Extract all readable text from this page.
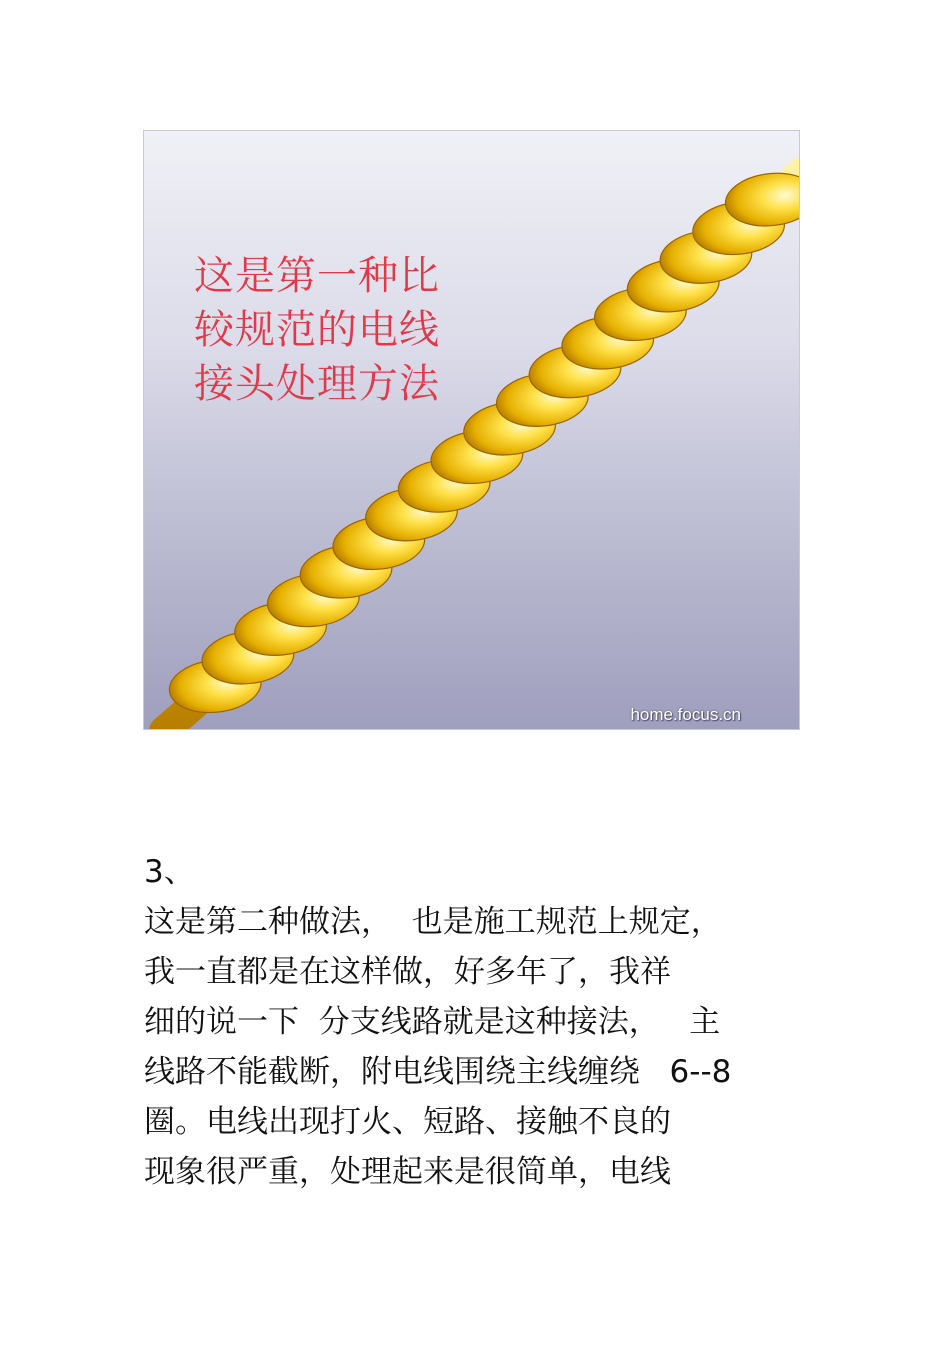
这是第一种比
较规范的电线
接头处理方法
home.focus.cn
3、
这是第二种做法，  也是施工规范上规定，
我一直都是在这样做，好多年了，我祥
细的说一下  分支线路就是这种接法，   主
线路不能截断，附电线围绕主线缠绕   6--8
圈。电线出现打火、短路、接触不良的
现象很严重，处理起来是很简单，电线
